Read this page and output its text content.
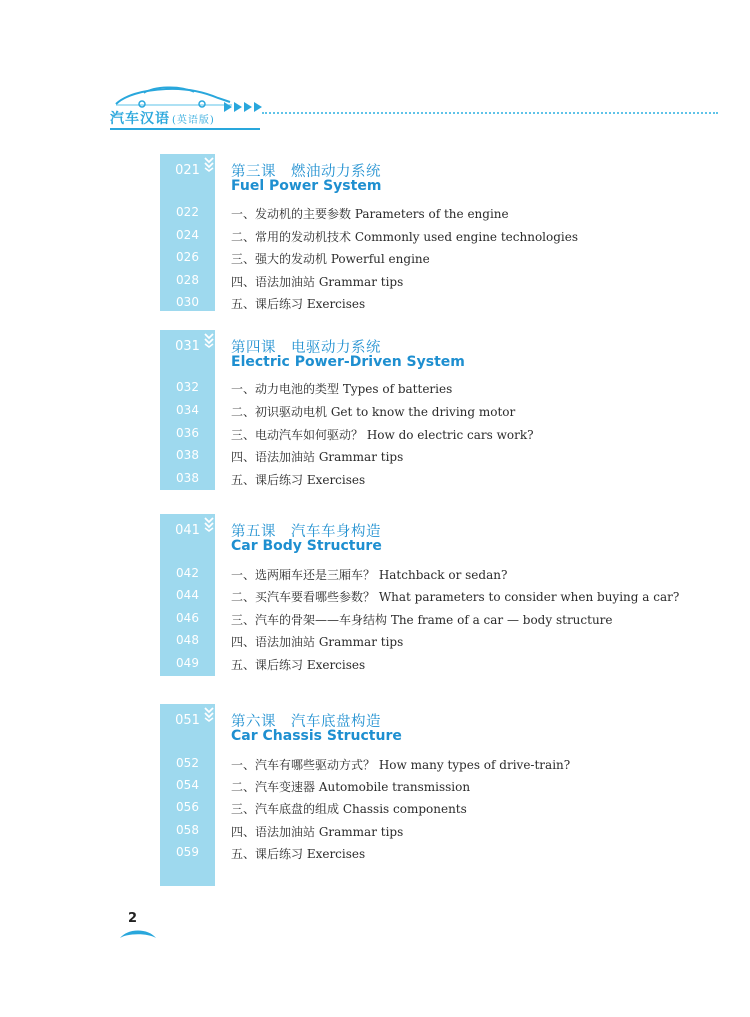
汽车汉语 (英语版)
021	第三课　燃油动力系统
Fuel Power System
022	一、发动机的主要参数 Parameters of the engine
024	二、常用的发动机技术 Commonly used engine technologies
026	三、强大的发动机 Powerful engine
028	四、语法加油站 Grammar tips
030	五、课后练习 Exercises
031	第四课　电驱动力系统
Electric Power-Driven System
032	一、动力电池的类型 Types of batteries
034	二、初识驱动电机 Get to know the driving motor
036	三、电动汽车如何驱动？ How do electric cars work?
038	四、语法加油站 Grammar tips
038	五、课后练习 Exercises
041	第五课　汽车车身构造
Car Body Structure
042	一、选两厢车还是三厢车？ Hatchback or sedan?
044	二、买汽车要看哪些参数？ What parameters to consider when buying a car?
046	三、汽车的骨架——车身结构 The frame of a car — body structure
048	四、语法加油站 Grammar tips
049	五、课后练习 Exercises
051	第六课　汽车底盘构造
Car Chassis Structure
052	一、汽车有哪些驱动方式？ How many types of drive-train?
054	二、汽车变速器 Automobile transmission
056	三、汽车底盘的组成 Chassis components
058	四、语法加油站 Grammar tips
059	五、课后练习 Exercises
2
